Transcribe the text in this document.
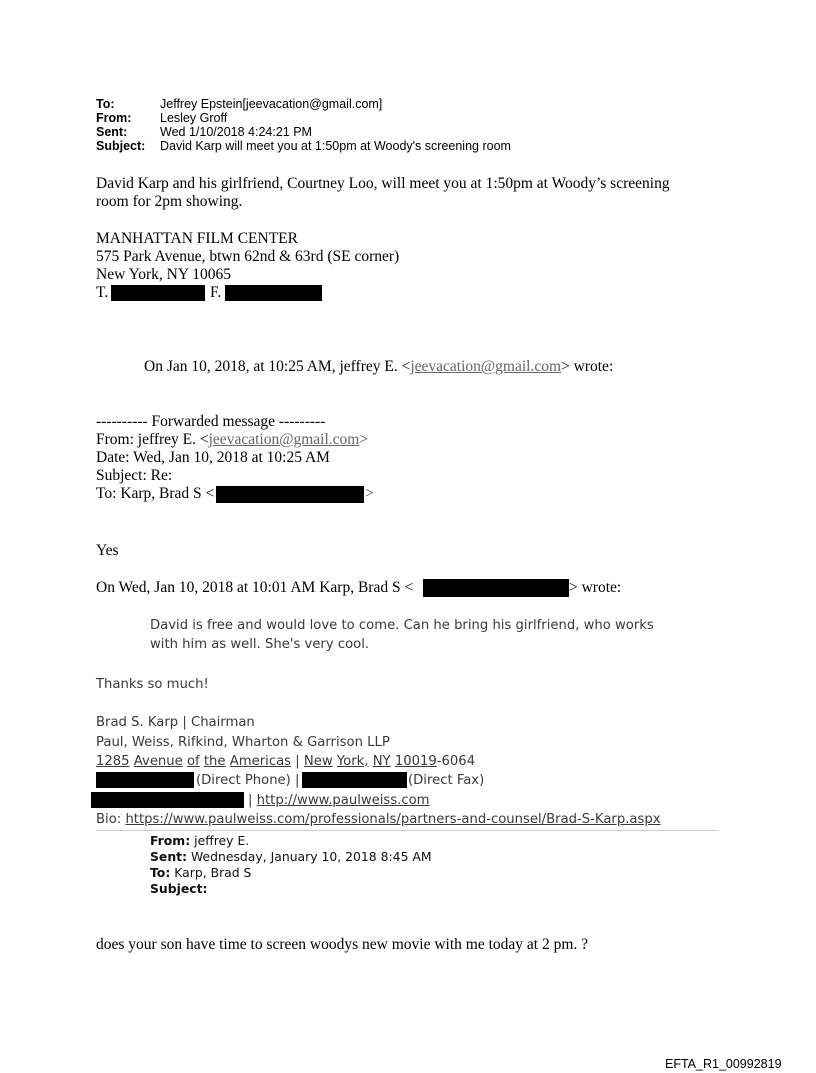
To:	Jeffrey Epstein[jeevacation@gmail.com]
From: Lesley Groff
Sent:	Wed 1/10/2018 4:24:21 PM
Subject: David Karp will meet you at 1:50pm at Woody's screening room
David Karp and his girlfriend, Courtney Loo, will meet you at 1:50pm at Woody’s screening
room for 2pm showing.
MANHATTAN FILM CENTER
575 Park Avenue, btwn 62nd & 63rd (SE corner)
New York, NY 10065
T.	F.
On Jan 10, 2018, at 10:25 AM, jeffrey E. <jeevacation@gmail.com> wrote:
---------- Forwarded message ---------
From: jeffrey E. <jeevacation@gmail.com>
Date: Wed, Jan 10, 2018 at 10:25 AM
Subject: Re:
To: Karp, Brad S <	>
Yes
On Wed, Jan 10, 2018 at 10:01 AM Karp, Brad S <	> wrote:
David is free and would love to come. Can he bring his girlfriend, who works
with him as well. She's very cool.
Thanks so much!
Brad S. Karp | Chairman
Paul, Weiss, Rifkind, Wharton & Garrison LLP
1285 Avenue of the Americas | New York, NY 10019-6064
(Direct Phone) |	(Direct Fax)
| http://www.paulweiss.com
Bio: https://www.paulweiss.com/professionals/partners-and-counsel/Brad-S-Karp.aspx
From: jeffrey E.
Sent: Wednesday, January 10, 2018 8:45 AM
To: Karp, Brad S
Subject:
does your son have time to screen woodys new movie with me today at 2 pm. ?
EFTA_R1_00992819
